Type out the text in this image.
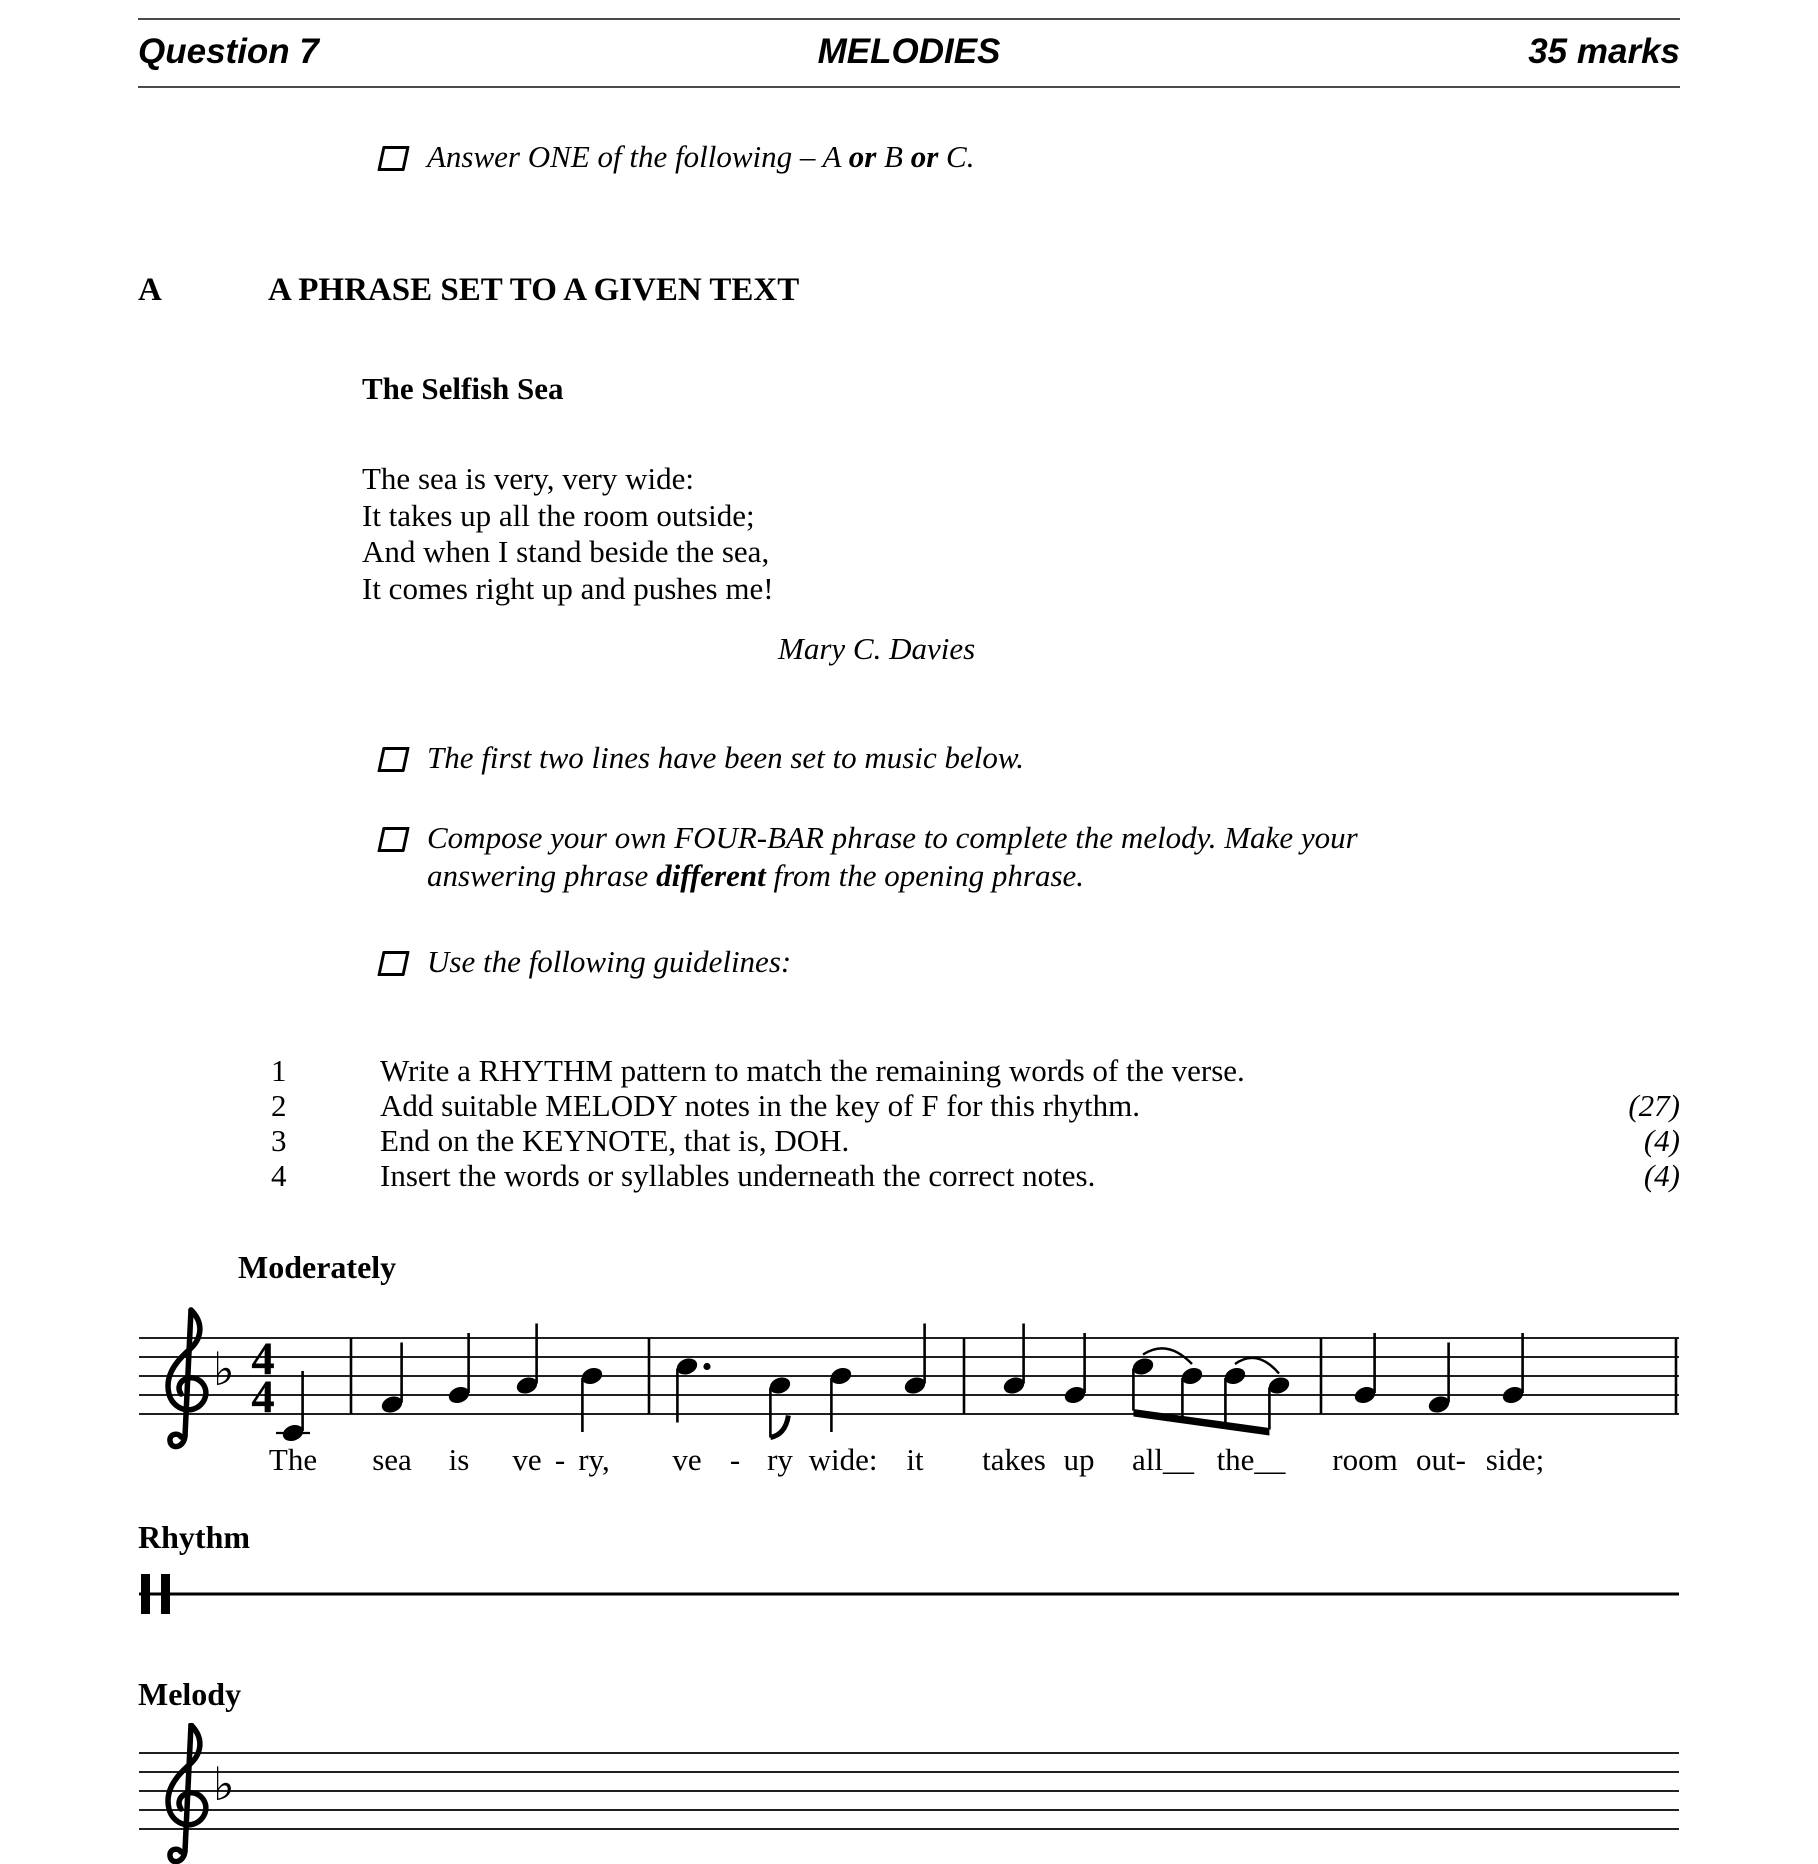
Question 7	MELODIES	35 marks
Answer ONE of the following – A or B or C.
A	A PHRASE SET TO A GIVEN TEXT
The Selfish Sea
The sea is very, very wide:
It takes up all the room outside;
And when I stand beside the sea,
It comes right up and pushes me!
Mary C. Davies
The first two lines have been set to music below.
Compose your own FOUR-BAR phrase to complete the melody. Make your answering phrase different from the opening phrase.
Use the following guidelines:
1	Write a RHYTHM pattern to match the remaining words of the verse.
2	Add suitable MELODY notes in the key of F for this rhythm.	(27)
3	End on the KEYNOTE, that is, DOH.	(4)
4	Insert the words or syllables underneath the correct notes.	(4)
Moderately
♭ 4
4
The sea is ve - ry, ve - ry wide: it takes up all__ the__ room out- side;
Rhythm
Melody
♭
